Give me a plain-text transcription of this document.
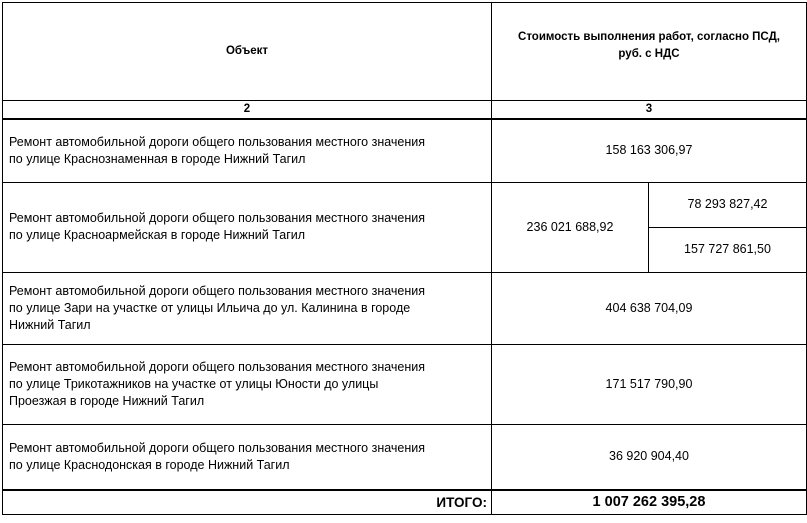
Объект	Стоимость выполнения работ, согласно ПСД,
руб. с НДС	

2	3	

Ремонт автомобильной дороги общего пользования местного значения
по улице Краснознаменная в городе Нижний Тагил	158 163 306,97	

Ремонт автомобильной дороги общего пользования местного значения
по улице Красноармейская в городе Нижний Тагил	236 021 688,92	78 293 827,42
		157 727 861,50

Ремонт автомобильной дороги общего пользования местного значения
по улице Зари на участке от улицы Ильича до ул. Калинина в городе
Нижний Тагил	404 638 704,09	

Ремонт автомобильной дороги общего пользования местного значения
по улице Трикотажников на участке от улицы Юности до улицы
Проезжая в городе Нижний Тагил	171 517 790,90	

Ремонт автомобильной дороги общего пользования местного значения
по улице Краснодонская в городе Нижний Тагил	36 920 904,40	
ИТОГО:	1 007 262 395,28	
